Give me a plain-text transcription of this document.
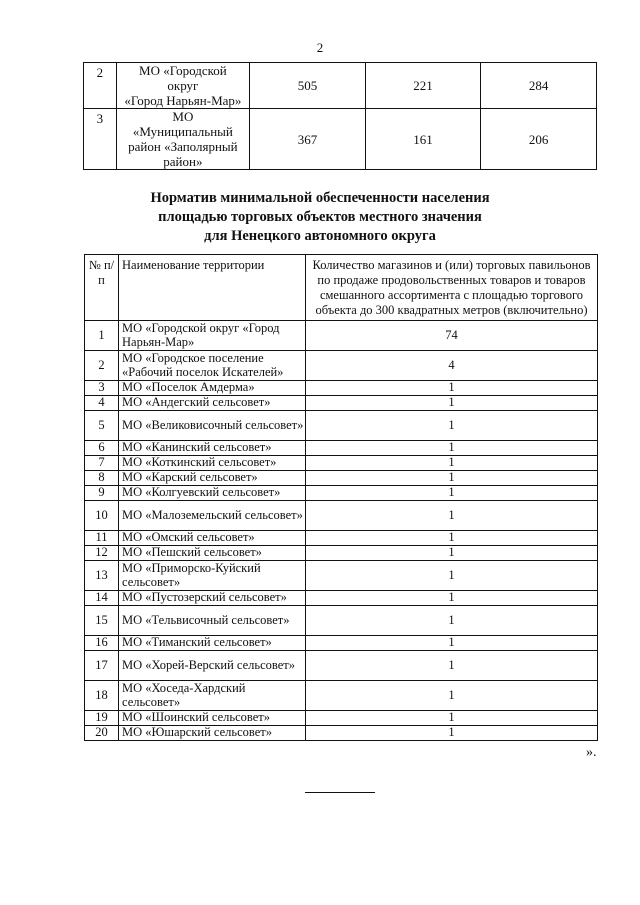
2
2	МО «Городской
округ
«Город Нарьян-Мар»	505	221	284
3	МО
«Муниципальный
район «Заполярный
район»	367	161	206
Норматив минимальной обеспеченности населения
площадью торговых объектов местного значения
для Ненецкого автономного округа
№ п/п	Наименование территории	Количество магазинов и (или) торговых павильонов по продаже продовольственных товаров и товаров смешанного ассортимента с площадью торгового объекта до 300 квадратных метров (включительно)
1	МО «Городской округ «Город Нарьян-Мар»	74
2	МО «Городское поселение «Рабочий поселок Искателей»	4
3	МО «Поселок Амдерма»	1
4	МО «Андегский сельсовет»	1
5	МО «Великовисочный сельсовет»	1
6	МО «Канинский сельсовет»	1
7	МО «Коткинский сельсовет»	1
8	МО «Карский сельсовет»	1
9	МО «Колгуевский сельсовет»	1
10	МО «Малоземельский сельсовет»	1
11	МО «Омский сельсовет»	1
12	МО «Пешский сельсовет»	1
13	МО «Приморско-Куйский сельсовет»	1
14	МО «Пустозерский сельсовет»	1
15	МО «Тельвисочный сельсовет»	1
16	МО «Тиманский сельсовет»	1
17	МО «Хорей-Верский сельсовет»	1
18	МО «Хоседа-Хардский сельсовет»	1
19	МО «Шоинский сельсовет»	1
20	МО «Юшарский сельсовет»	1
».
